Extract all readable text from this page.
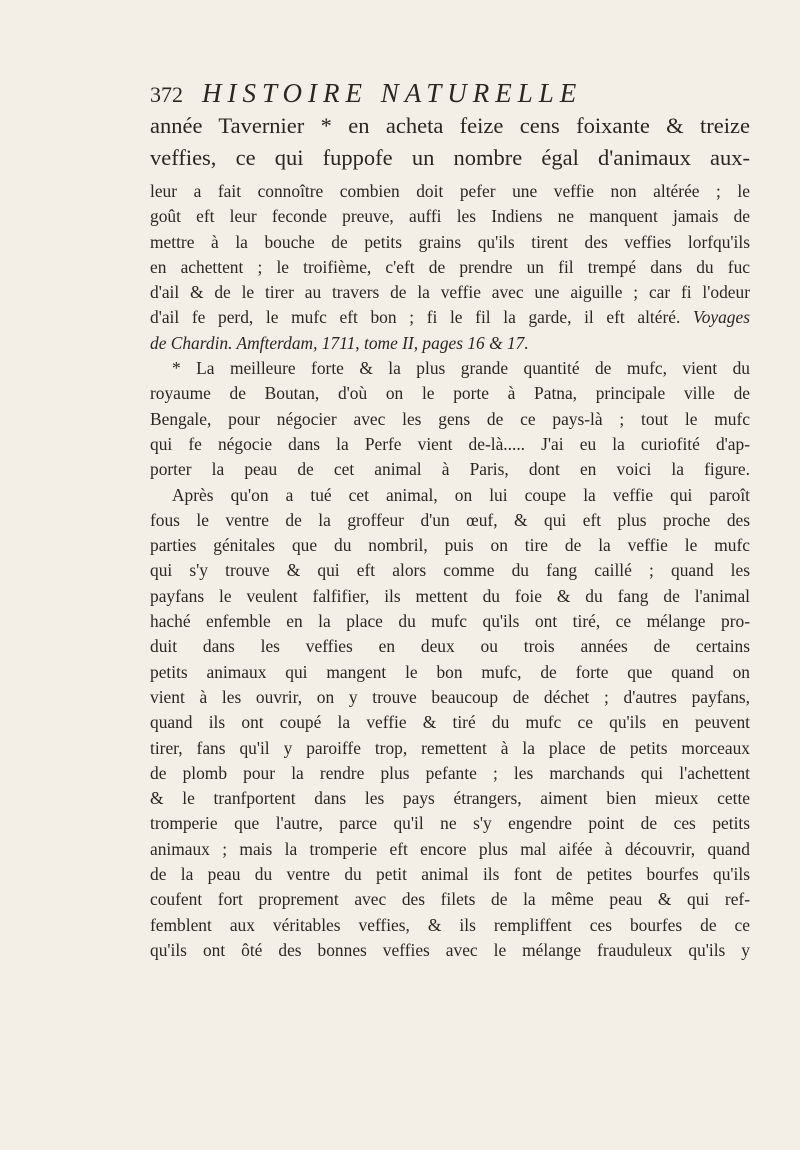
372 HISTOIRE NATURELLE
année Tavernier * en acheta feize cens foixante & treize
veffies, ce qui fuppofe un nombre égal d'animaux aux-
leur a fait connoître combien doit pefer une veffie non altérée ; le
goût eft leur feconde preuve, auffi les Indiens ne manquent jamais de
mettre à la bouche de petits grains qu'ils tirent des veffies lorfqu'ils
en achettent ; le troifième, c'eft de prendre un fil trempé dans du fuc
d'ail & de le tirer au travers de la veffie avec une aiguille ; car fi l'odeur
d'ail fe perd, le mufc eft bon ; fi le fil la garde, il eft altéré. Voyages
de Chardin. Amfterdam, 1711, tome II, pages 16 & 17.
* La meilleure forte & la plus grande quantité de mufc, vient du
royaume de Boutan, d'où on le porte à Patna, principale ville de
Bengale, pour négocier avec les gens de ce pays-là ; tout le mufc
qui fe négocie dans la Perfe vient de-là..... J'ai eu la curiofité d'ap-
porter la peau de cet animal à Paris, dont en voici la figure.
Après qu'on a tué cet animal, on lui coupe la veffie qui paroît
fous le ventre de la groffeur d'un œuf, & qui eft plus proche des
parties génitales que du nombril, puis on tire de la veffie le mufc
qui s'y trouve & qui eft alors comme du fang caillé ; quand les
payfans le veulent falfifier, ils mettent du foie & du fang de l'animal
haché enfemble en la place du mufc qu'ils ont tiré, ce mélange pro-
duit dans les veffies en deux ou trois années de certains
petits animaux qui mangent le bon mufc, de forte que quand on
vient à les ouvrir, on y trouve beaucoup de déchet ; d'autres payfans,
quand ils ont coupé la veffie & tiré du mufc ce qu'ils en peuvent
tirer, fans qu'il y paroiffe trop, remettent à la place de petits morceaux
de plomb pour la rendre plus pefante ; les marchands qui l'achettent
& le tranfportent dans les pays étrangers, aiment bien mieux cette
tromperie que l'autre, parce qu'il ne s'y engendre point de ces petits
animaux ; mais la tromperie eft encore plus mal aifée à découvrir, quand
de la peau du ventre du petit animal ils font de petites bourfes qu'ils
coufent fort proprement avec des filets de la même peau & qui ref-
femblent aux véritables veffies, & ils rempliffent ces bourfes de ce
qu'ils ont ôté des bonnes veffies avec le mélange frauduleux qu'ils y
